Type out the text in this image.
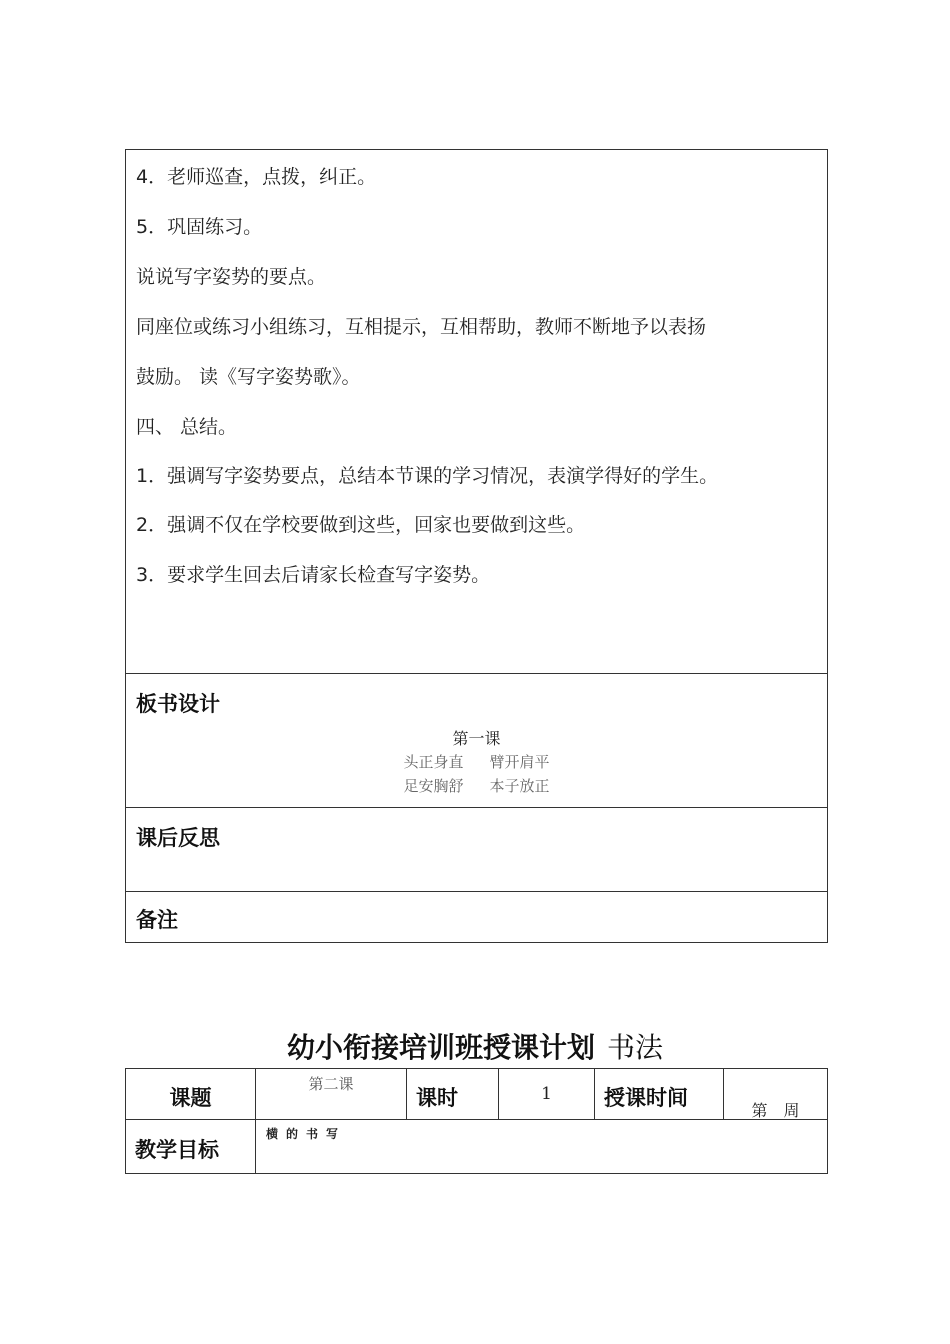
4．老师巡查，点拨，纠正。
5．巩固练习。
说说写字姿势的要点。
同座位或练习小组练习，互相提示，互相帮助，教师不断地予以表扬
鼓励。 读《写字姿势歌》。
四、 总结。
1．强调写字姿势要点，总结本节课的学习情况，表演学得好的学生。
2．强调不仅在学校要做到这些，回家也要做到这些。
3．要求学生回去后请家长检查写字姿势。
板书设计
第一课
头正身直 臂开肩平
足安胸舒 本子放正
课后反思
备注
幼小衔接培训班授课计划 书法
课题
第二课
课时	1	授课时间
第　周
教学目标
横的书写
